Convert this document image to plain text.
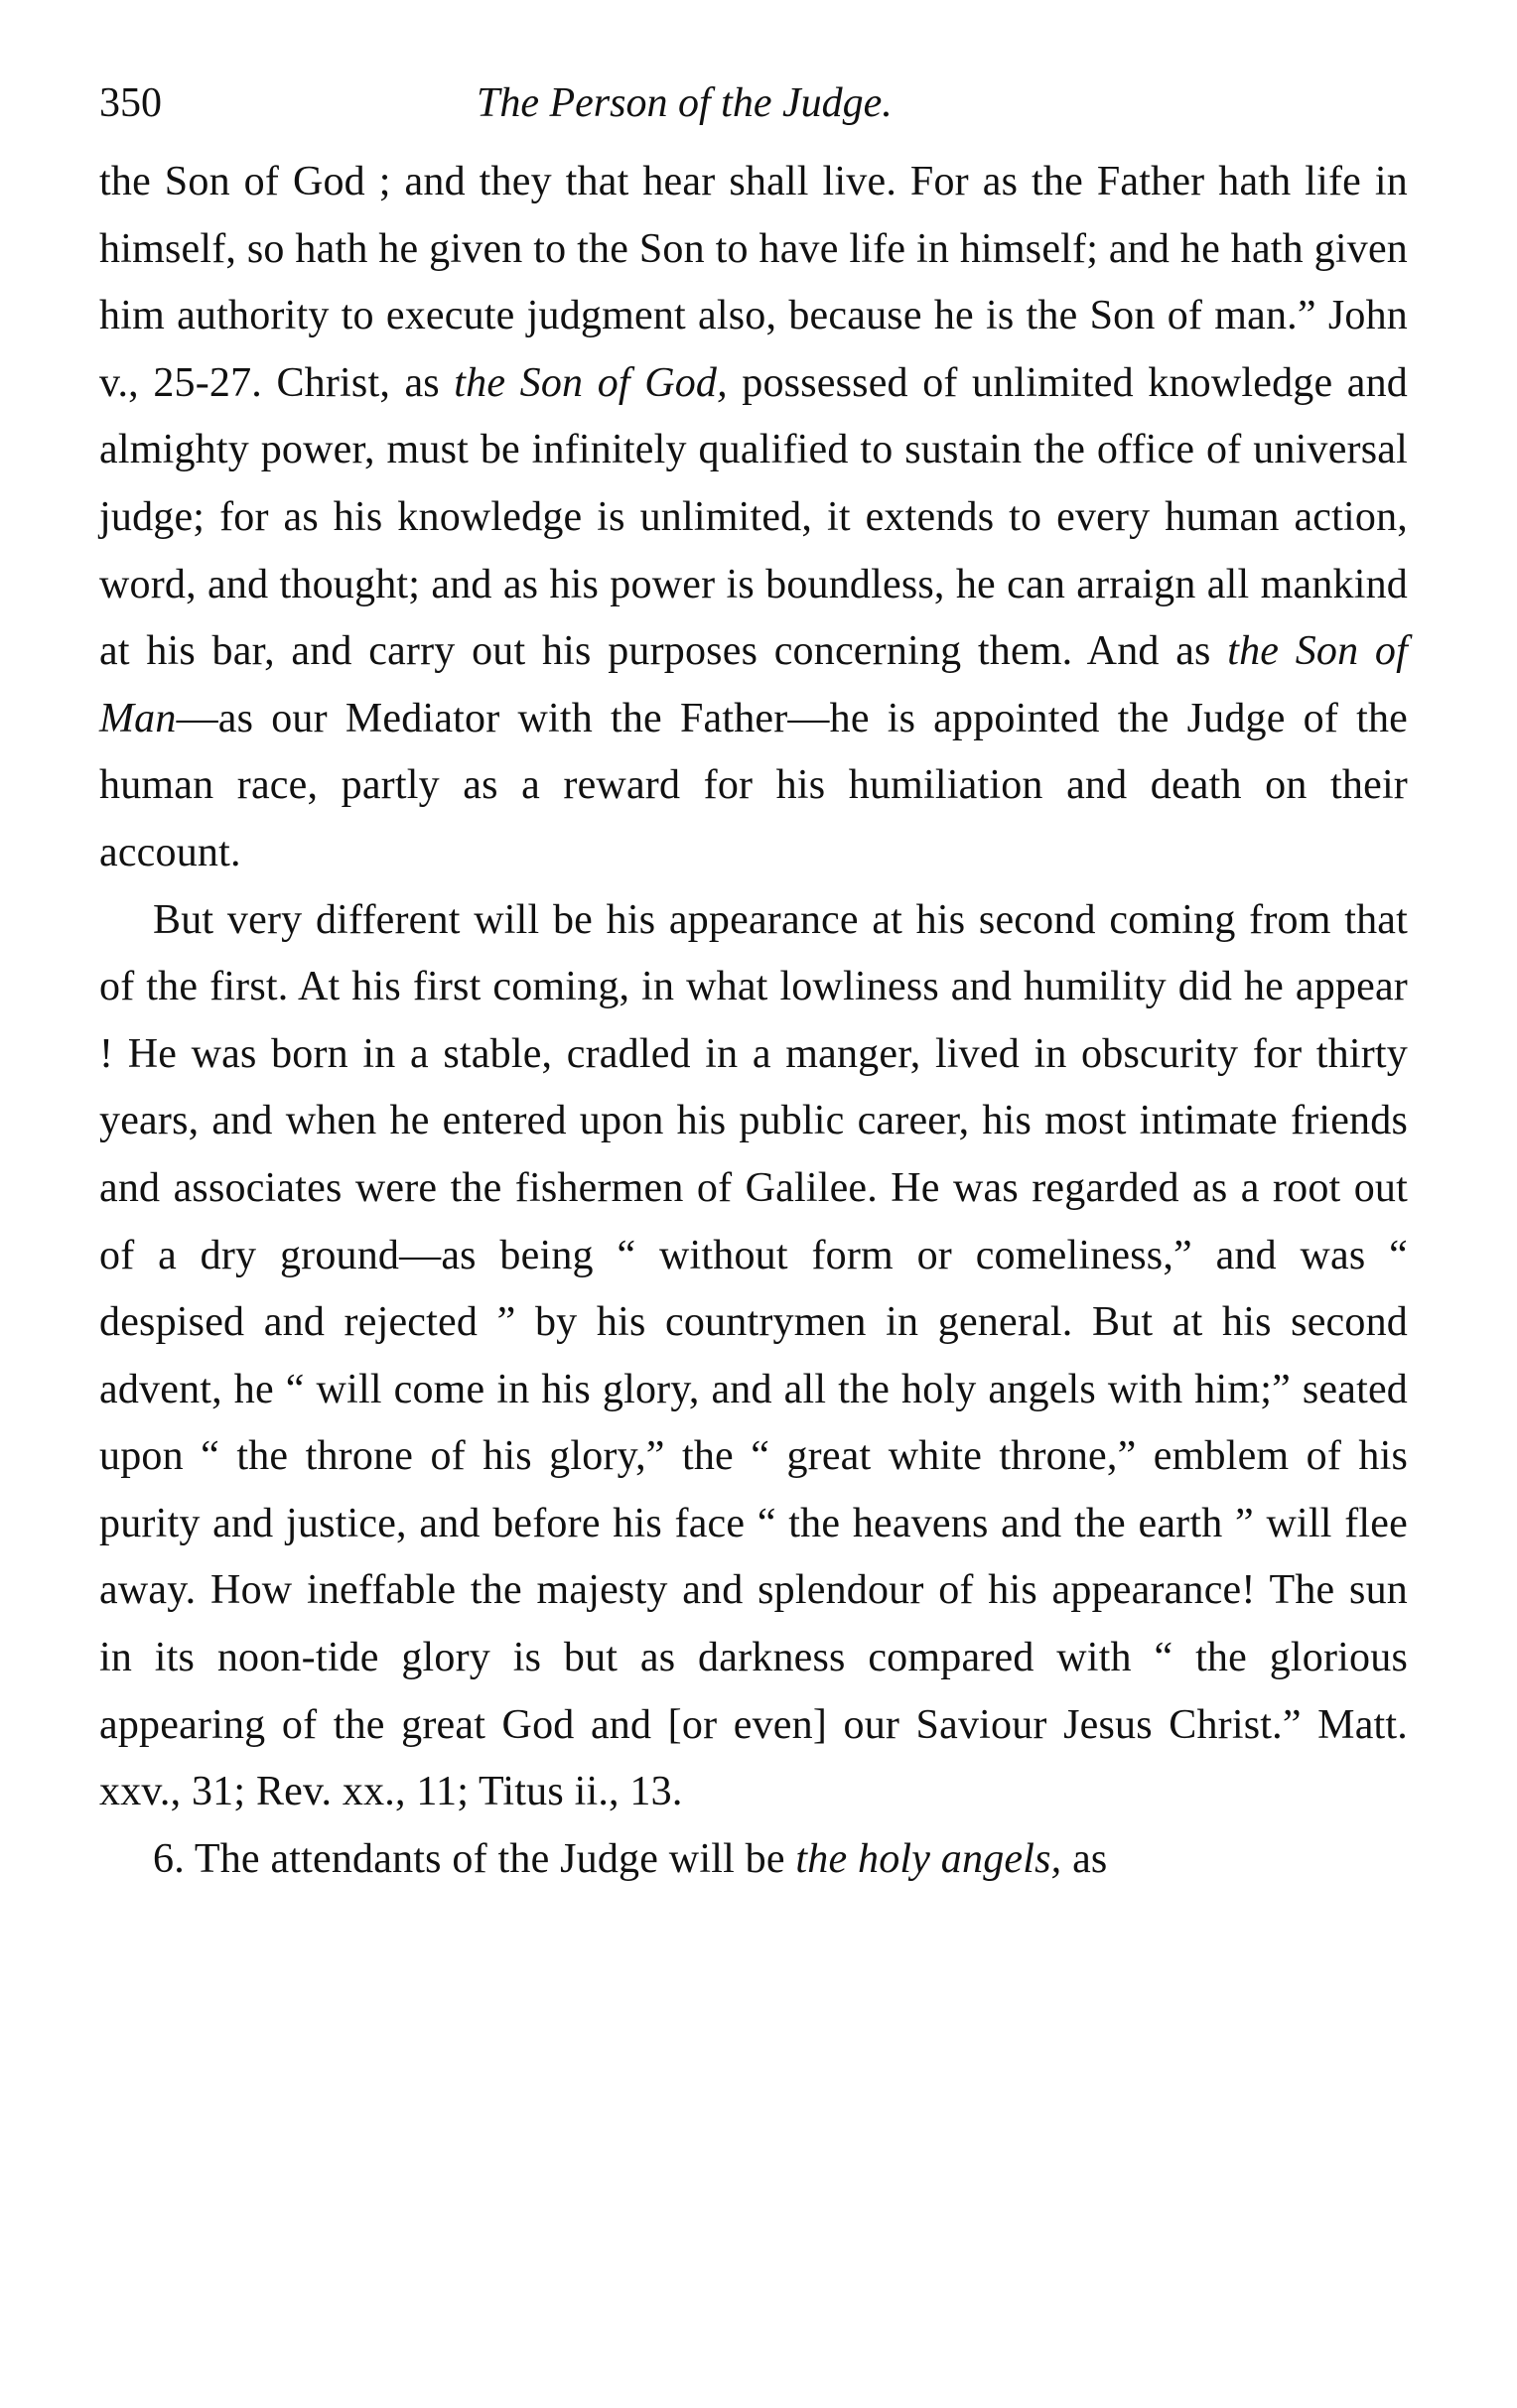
350	The Person of the Judge.

the Son of God ; and they that hear shall live. For as the Father hath life in himself, so hath he given to the Son to have life in himself; and he hath given him authority to execute judgment also, because he is the Son of man.” John v., 25-27. Christ, as the Son of God, possessed of unlimited knowledge and almighty power, must be infinitely qualified to sustain the office of universal judge; for as his knowledge is unlimited, it extends to every human action, word, and thought; and as his power is boundless, he can arraign all mankind at his bar, and carry out his purposes concerning them. And as the Son of Man—as our Mediator with the Father—he is appointed the Judge of the human race, partly as a reward for his humiliation and death on their account.

But very different will be his appearance at his second coming from that of the first. At his first coming, in what lowliness and humility did he appear ! He was born in a stable, cradled in a manger, lived in obscurity for thirty years, and when he entered upon his public career, his most intimate friends and associates were the fishermen of Galilee. He was regarded as a root out of a dry ground—as being “ without form or comeliness,” and was “ despised and rejected ” by his countrymen in general. But at his second advent, he “ will come in his glory, and all the holy angels with him;” seated upon “ the throne of his glory,” the “ great white throne,” emblem of his purity and justice, and before his face “ the heavens and the earth ” will flee away. How ineffable the majesty and splendour of his appearance! The sun in its noon-tide glory is but as darkness compared with “ the glorious appearing of the great God and [or even] our Saviour Jesus Christ.” Matt. xxv., 31; Rev. xx., 11; Titus ii., 13.

6. The attendants of the Judge will be the holy angels, as
